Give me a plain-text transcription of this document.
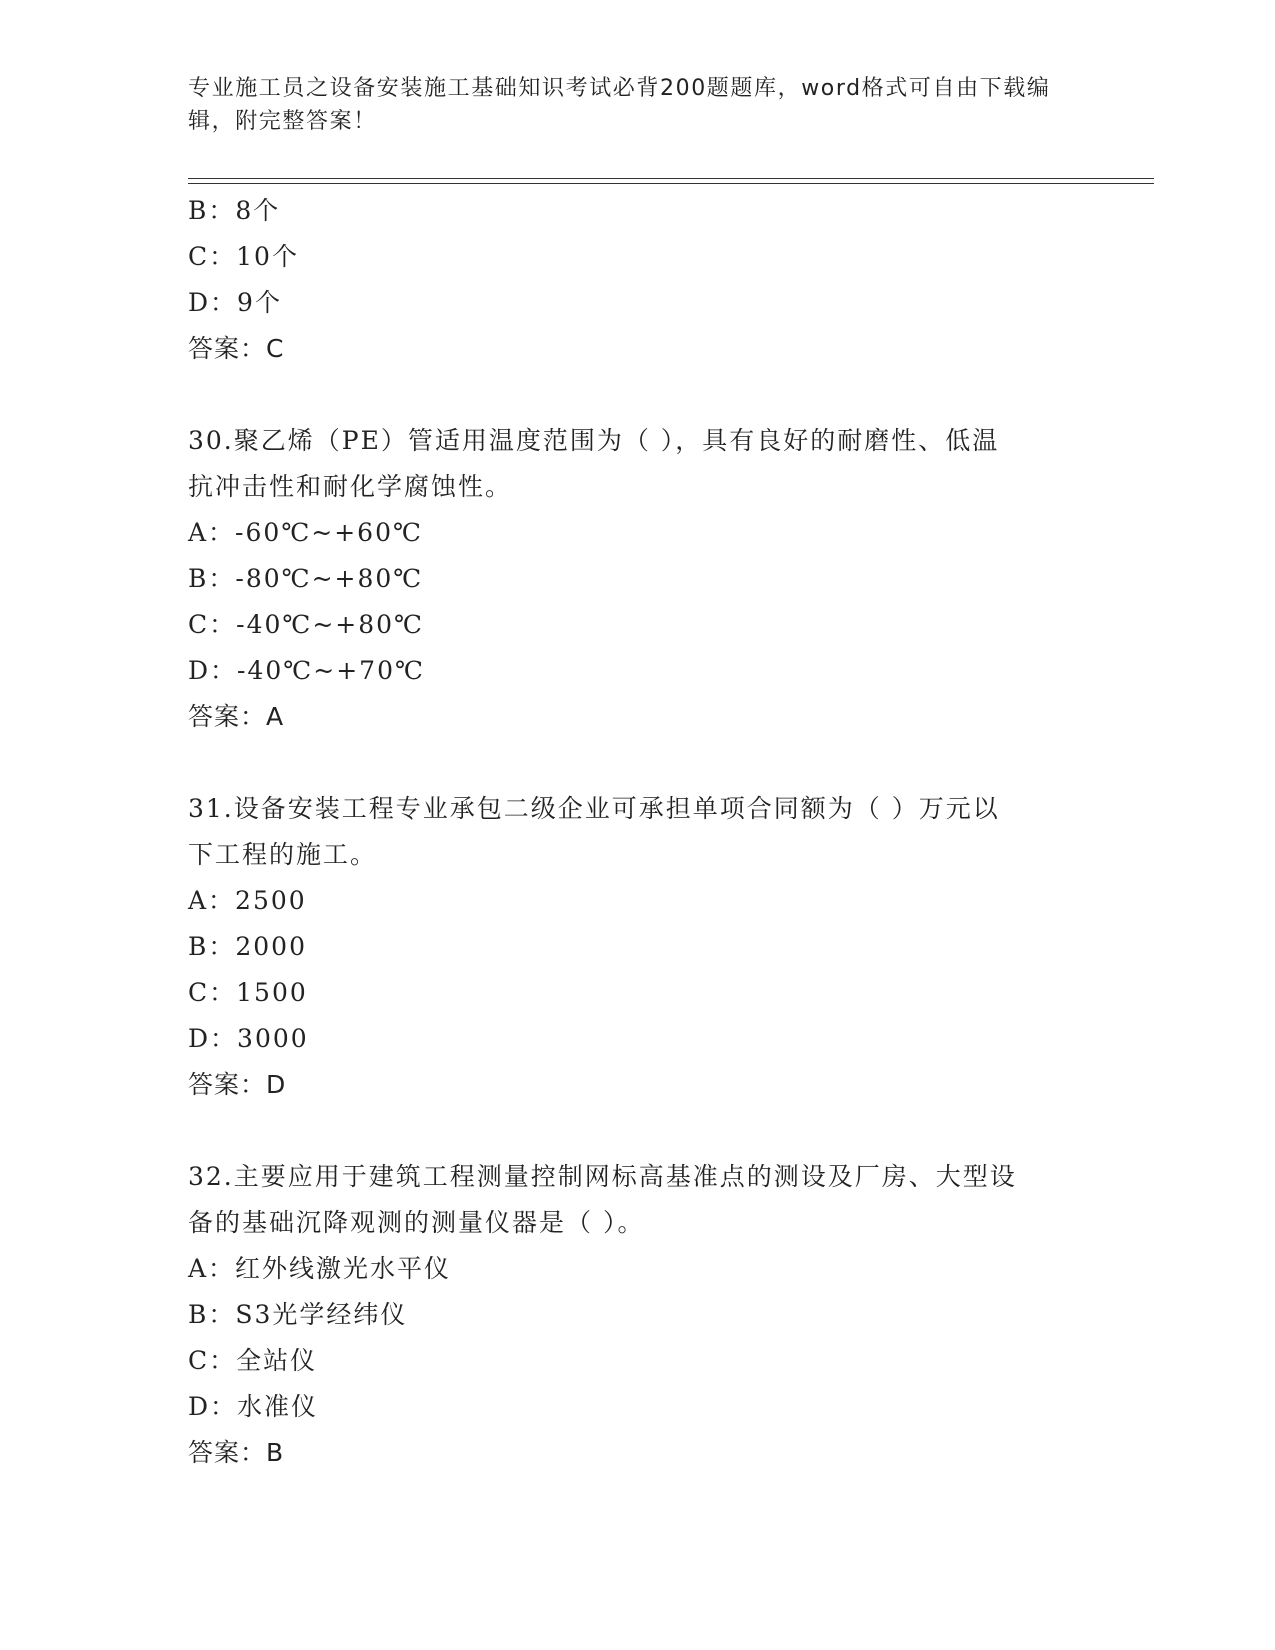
专业施工员之设备安装施工基础知识考试必背200题题库，word格式可自由下载编辑，附完整答案！
B：8个
C：10个
D：9个
答案：C
30.聚乙烯（PE）管适用温度范围为（ ），具有良好的耐磨性、低温
抗冲击性和耐化学腐蚀性。
A：-60℃~+60℃
B：-80℃~+80℃
C：-40℃~+80℃
D：-40℃~+70℃
答案：A
31.设备安装工程专业承包二级企业可承担单项合同额为（ ）万元以
下工程的施工。
A：2500
B：2000
C：1500
D：3000
答案：D
32.主要应用于建筑工程测量控制网标高基准点的测设及厂房、大型设
备的基础沉降观测的测量仪器是（ ）。
A：红外线激光水平仪
B：S3光学经纬仪
C：全站仪
D：水准仪
答案：B
